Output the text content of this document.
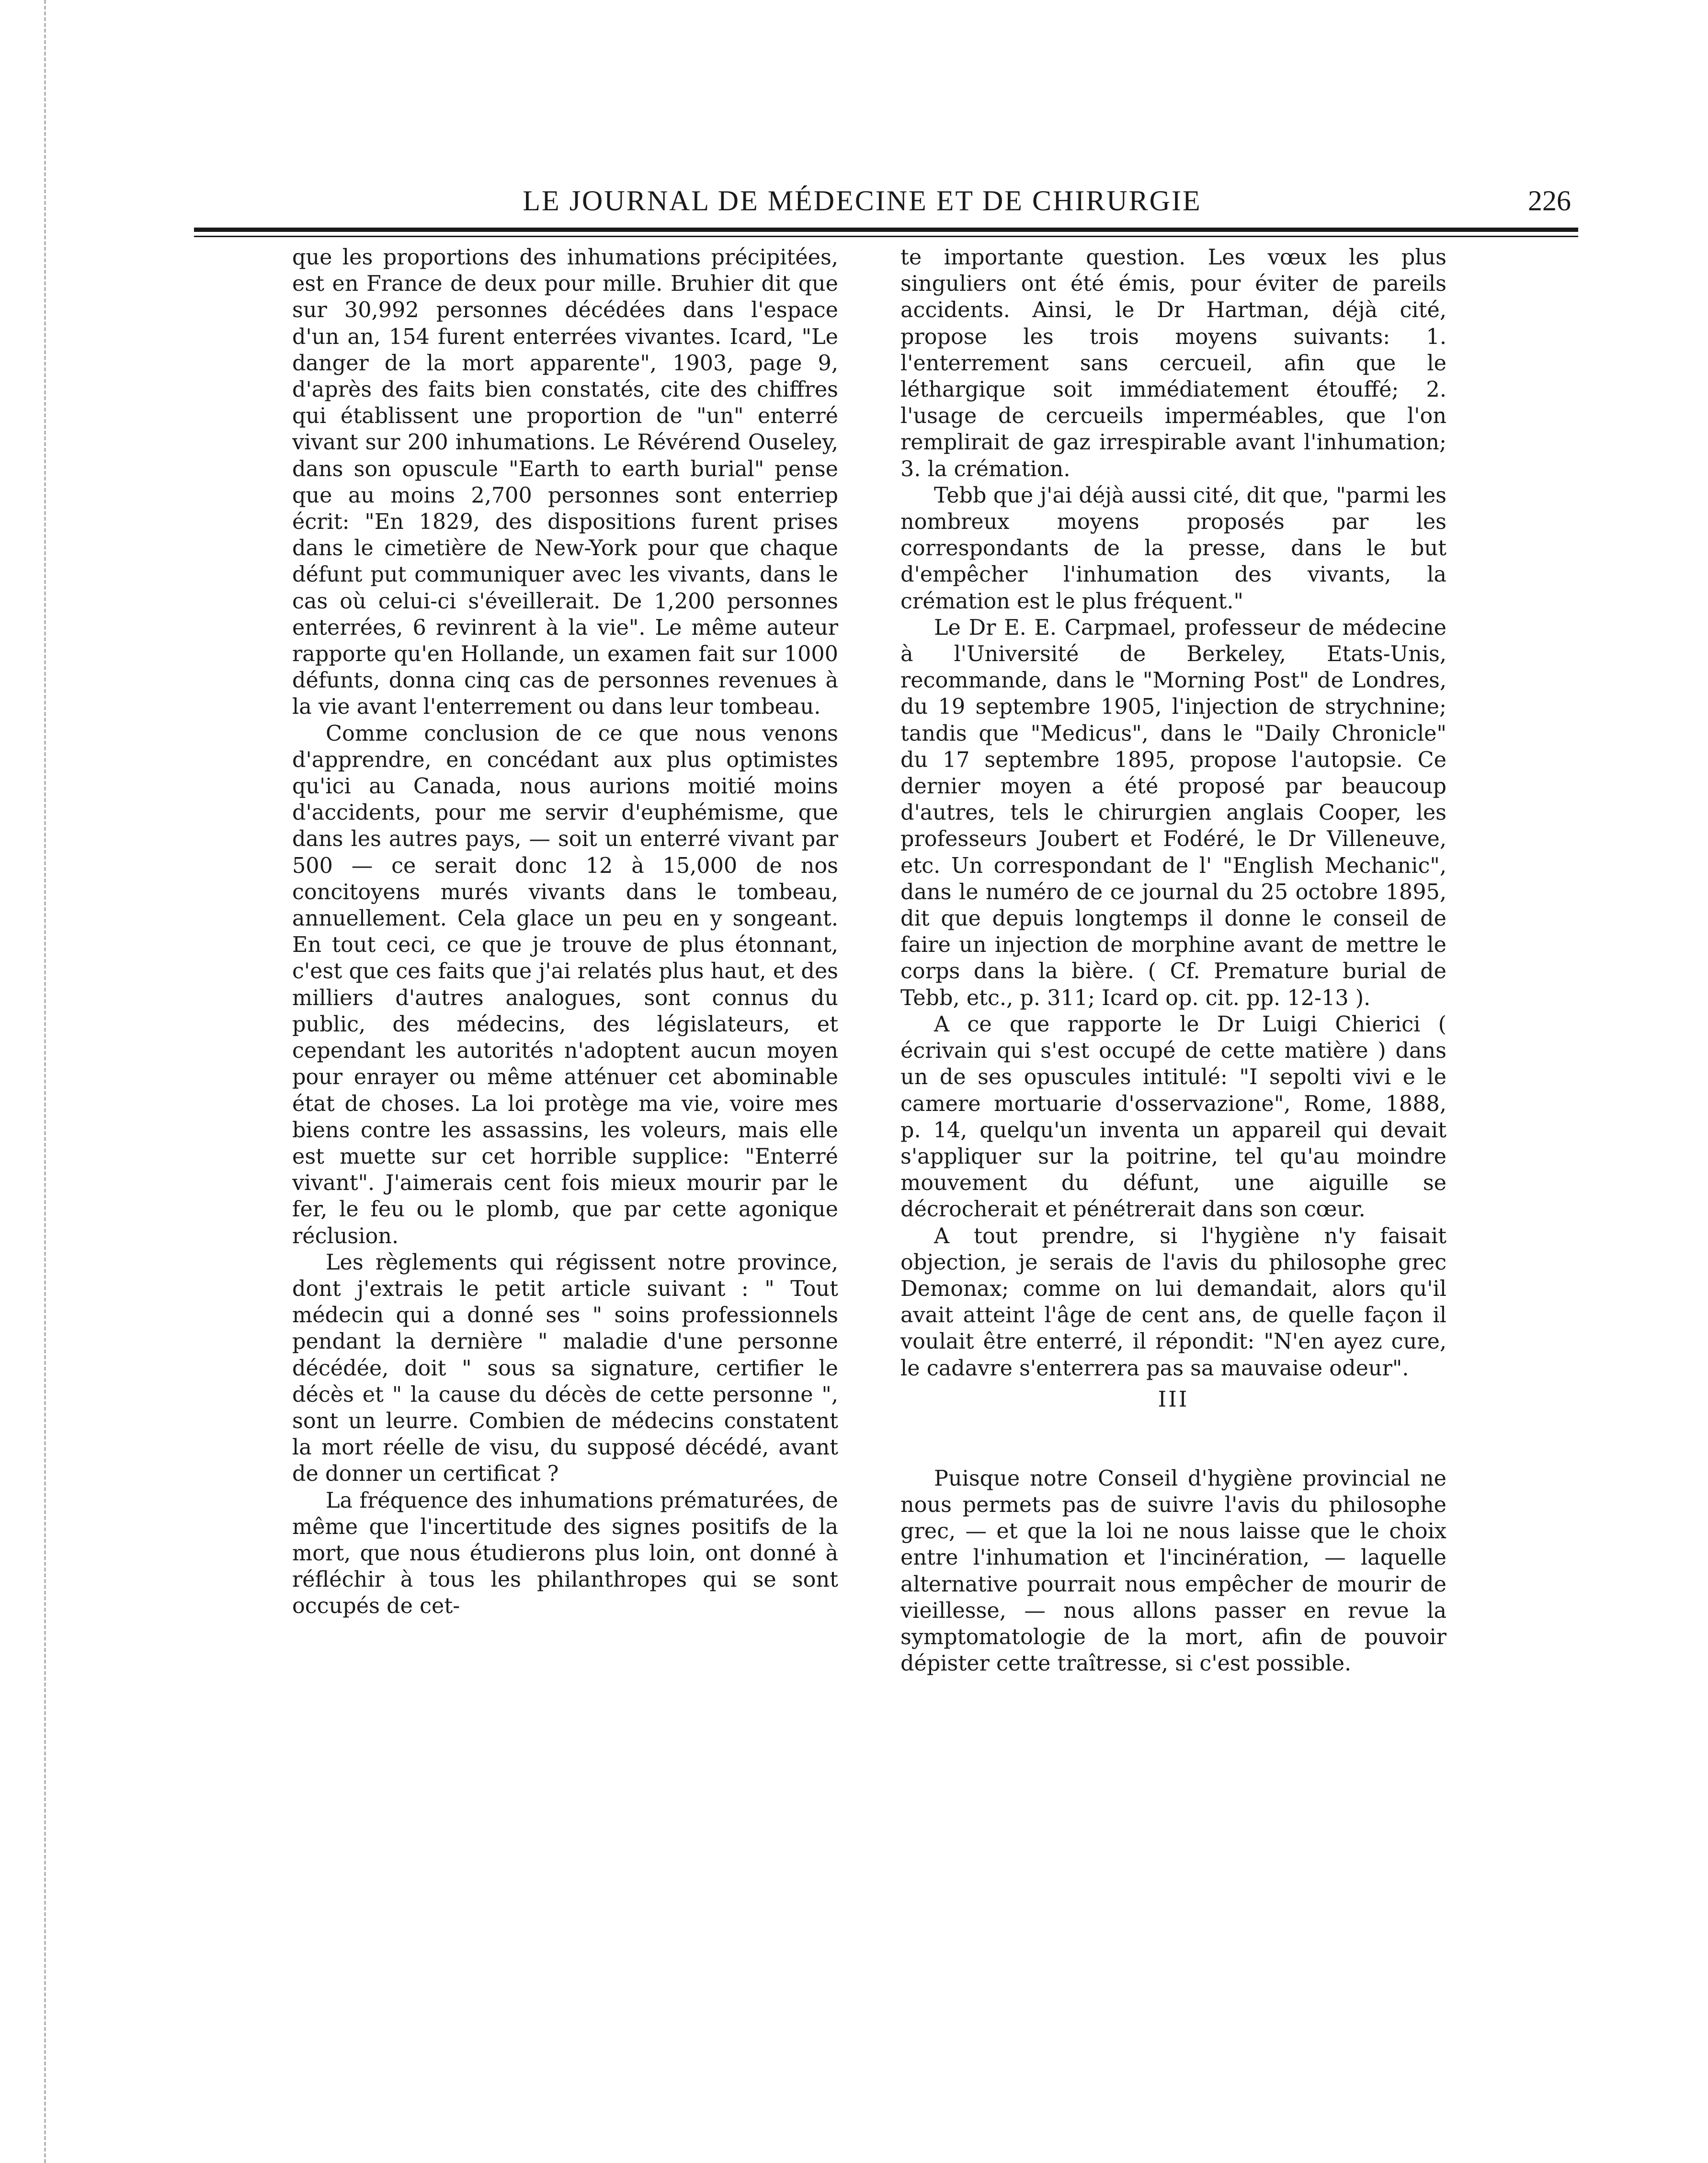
LE JOURNAL DE MÉDECINE ET DE CHIRURGIE	226

que les proportions des inhumations précipitées, est en France de deux pour mille. Bruhier dit que sur 30,992 personnes décédées dans l'espace d'un an, 154 furent enterrées vivantes. Icard, "Le danger de la mort apparente", 1903, page 9, d'après des faits bien constatés, cite des chiffres qui établissent une proportion de "un" enterré vivant sur 200 inhumations. Le Révérend Ouseley, dans son opuscule "Earth to earth burial" pense que au moins 2,700 personnes sont enterriep écrit: "En 1829, des dispositions furent prises dans le cimetière de New-York pour que chaque défunt put communiquer avec les vivants, dans le cas où celui-ci s'éveillerait. De 1,200 personnes enterrées, 6 revinrent à la vie". Le même auteur rapporte qu'en Hollande, un examen fait sur 1000 défunts, donna cinq cas de personnes revenues à la vie avant l'enterrement ou dans leur tombeau.

Comme conclusion de ce que nous venons d'apprendre, en concédant aux plus optimistes qu'ici au Canada, nous aurions moitié moins d'accidents, pour me servir d'euphémisme, que dans les autres pays, — soit un enterré vivant par 500 — ce serait donc 12 à 15,000 de nos concitoyens murés vivants dans le tombeau, annuellement. Cela glace un peu en y songeant. En tout ceci, ce que je trouve de plus étonnant, c'est que ces faits que j'ai relatés plus haut, et des milliers d'autres analogues, sont connus du public, des médecins, des législateurs, et cependant les autorités n'adoptent aucun moyen pour enrayer ou même atténuer cet abominable état de choses. La loi protège ma vie, voire mes biens contre les assassins, les voleurs, mais elle est muette sur cet horrible supplice: "Enterré vivant". J'aimerais cent fois mieux mourir par le fer, le feu ou le plomb, que par cette agonique réclusion.

Les règlements qui régissent notre province, dont j'extrais le petit article suivant : " Tout médecin qui a donné ses " soins professionnels pendant la dernière " maladie d'une personne décédée, doit " sous sa signature, certifier le décès et " la cause du décès de cette personne ", sont un leurre. Combien de médecins constatent la mort réelle de visu, du supposé décédé, avant de donner un certificat ?

La fréquence des inhumations prématurées, de même que l'incertitude des signes positifs de la mort, que nous étudierons plus loin, ont donné à réfléchir à tous les philanthropes qui se sont occupés de cet-

te importante question. Les vœux les plus singuliers ont été émis, pour éviter de pareils accidents. Ainsi, le Dr Hartman, déjà cité, propose les trois moyens suivants: 1. l'enterrement sans cercueil, afin que le léthargique soit immédiatement étouffé; 2. l'usage de cercueils imperméables, que l'on remplirait de gaz irrespirable avant l'inhumation; 3. la crémation.

Tebb que j'ai déjà aussi cité, dit que, "parmi les nombreux moyens proposés par les correspondants de la presse, dans le but d'empêcher l'inhumation des vivants, la crémation est le plus fréquent."

Le Dr E. E. Carpmael, professeur de médecine à l'Université de Berkeley, Etats-Unis, recommande, dans le "Morning Post" de Londres, du 19 septembre 1905, l'injection de strychnine; tandis que "Medicus", dans le "Daily Chronicle" du 17 septembre 1895, propose l'autopsie. Ce dernier moyen a été proposé par beaucoup d'autres, tels le chirurgien anglais Cooper, les professeurs Joubert et Fodéré, le Dr Villeneuve, etc. Un correspondant de l' "English Mechanic", dans le numéro de ce journal du 25 octobre 1895, dit que depuis longtemps il donne le conseil de faire un injection de morphine avant de mettre le corps dans la bière. ( Cf. Premature burial de Tebb, etc., p. 311; Icard op. cit. pp. 12-13 ).

A ce que rapporte le Dr Luigi Chierici ( écrivain qui s'est occupé de cette matière ) dans un de ses opuscules intitulé: "I sepolti vivi e le camere mortuarie d'osservazione", Rome, 1888, p. 14, quelqu'un inventa un appareil qui devait s'appliquer sur la poitrine, tel qu'au moindre mouvement du défunt, une aiguille se décrocherait et pénétrerait dans son cœur.

A tout prendre, si l'hygiène n'y faisait objection, je serais de l'avis du philosophe grec Demonax; comme on lui demandait, alors qu'il avait atteint l'âge de cent ans, de quelle façon il voulait être enterré, il répondit: "N'en ayez cure, le cadavre s'enterrera pas sa mauvaise odeur".

III

Puisque notre Conseil d'hygiène provincial ne nous permets pas de suivre l'avis du philosophe grec, — et que la loi ne nous laisse que le choix entre l'inhumation et l'incinération, — laquelle alternative pourrait nous empêcher de mourir de vieillesse, — nous allons passer en revue la symptomatologie de la mort, afin de pouvoir dépister cette traîtresse, si c'est possible.
